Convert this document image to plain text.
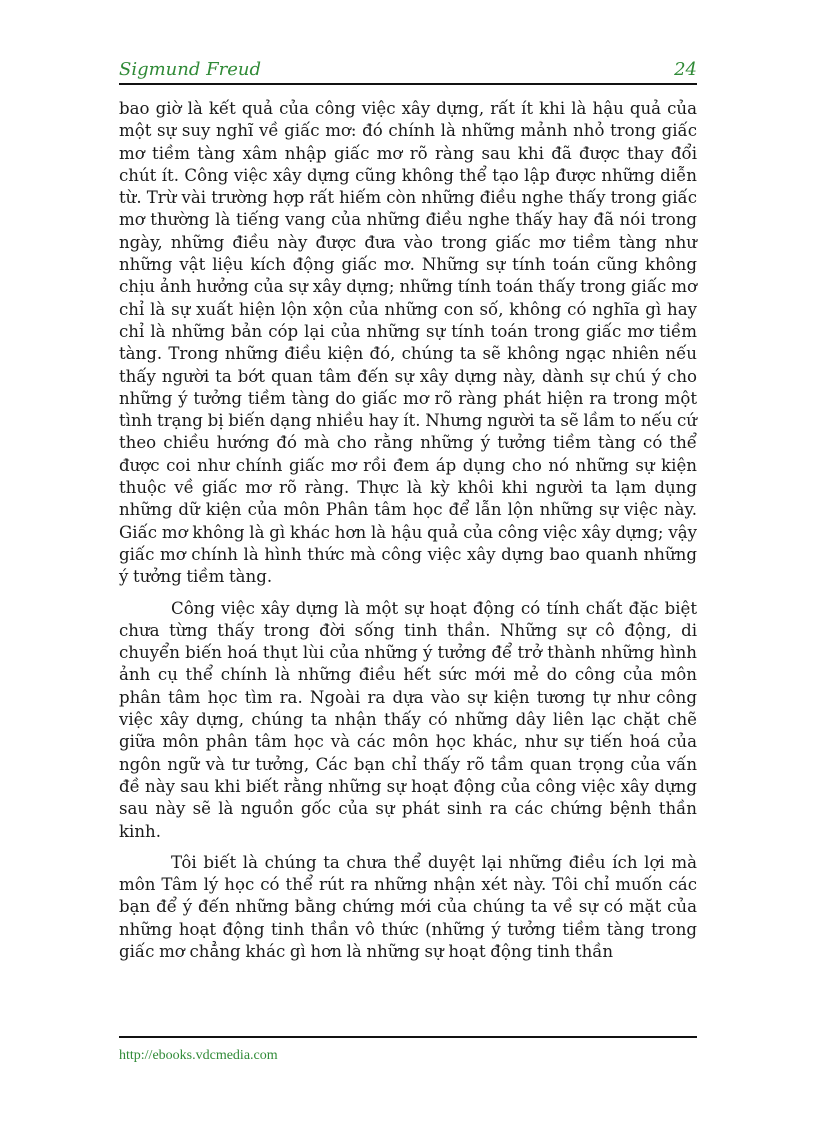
Sigmund Freud	24

bao giờ là kết quả của công việc xây dựng, rất ít khi là hậu quả của một sự suy nghĩ về giấc mơ: đó chính là những mảnh nhỏ trong giấc mơ tiềm tàng xâm nhập giấc mơ rõ ràng sau khi đã được thay đổi chút ít. Công việc xây dựng cũng không thể tạo lập được những diễn từ. Trừ vài trường hợp rất hiếm còn những điều nghe thấy trong giấc mơ thường là tiếng vang của những điều nghe thấy hay đã nói trong ngày, những điều này được đưa vào trong giấc mơ tiềm tàng như những vật liệu kích động giấc mơ. Những sự tính toán cũng không chịu ảnh hưởng của sự xây dựng; những tính toán thấy trong giấc mơ chỉ là sự xuất hiện lộn xộn của những con số, không có nghĩa gì hay chỉ là những bản cóp lại của những sự tính toán trong giấc mơ tiềm tàng. Trong những điều kiện đó, chúng ta sẽ không ngạc nhiên nếu thấy người ta bớt quan tâm đến sự xây dựng này, dành sự chú ý cho những ý tưởng tiềm tàng do giấc mơ rõ ràng phát hiện ra trong một tình trạng bị biến dạng nhiều hay ít. Nhưng người ta sẽ lầm to nếu cứ theo chiều hướng đó mà cho rằng những ý tưởng tiềm tàng có thể được coi như chính giấc mơ rồi đem áp dụng cho nó những sự kiện thuộc về giấc mơ rõ ràng. Thực là kỳ khôi khi người ta lạm dụng những dữ kiện của môn Phân tâm học để lẫn lộn những sự việc này. Giấc mơ không là gì khác hơn là hậu quả của công việc xây dựng; vậy giấc mơ chính là hình thức mà công việc xây dựng bao quanh những ý tưởng tiềm tàng.

Công việc xây dựng là một sự hoạt động có tính chất đặc biệt chưa từng thấy trong đời sống tinh thần. Những sự cô động, di chuyển biến hoá thụt lùi của những ý tưởng để trở thành những hình ảnh cụ thể chính là những điều hết sức mới mẻ do công của môn phân tâm học tìm ra. Ngoài ra dựa vào sự kiện tương tự như công việc xây dựng, chúng ta nhận thấy có những dây liên lạc chặt chẽ giữa môn phân tâm học và các môn học khác, như sự tiến hoá của ngôn ngữ và tư tưởng, Các bạn chỉ thấy rõ tầm quan trọng của vấn đề này sau khi biết rằng những sự hoạt động của công việc xây dựng sau này sẽ là nguồn gốc của sự phát sinh ra các chứng bệnh thần kinh.

Tôi biết là chúng ta chưa thể duyệt lại những điều ích lợi mà môn Tâm lý học có thể rút ra những nhận xét này. Tôi chỉ muốn các bạn để ý đến những bằng chứng mới của chúng ta về sự có mặt của những hoạt động tinh thần vô thức (những ý tưởng tiềm tàng trong giấc mơ chẳng khác gì hơn là những sự hoạt động tinh thần

http://ebooks.vdcmedia.com
